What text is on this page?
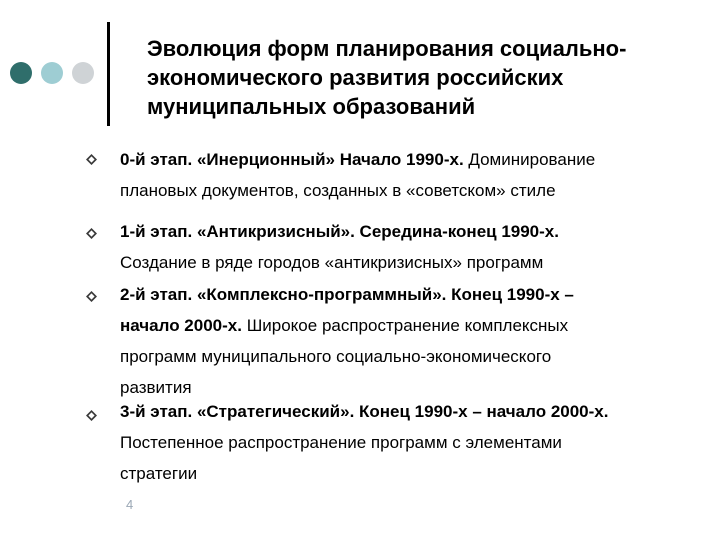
Эволюция форм планирования социально-
экономического развития российских
муниципальных образований

0-й этап. «Инерционный» Начало 1990-х. Доминирование
плановых документов, созданных в «советском» стиле

1-й этап. «Антикризисный». Середина-конец 1990-х.
Создание в ряде городов «антикризисных» программ

2-й этап. «Комплексно-программный». Конец 1990-х –
начало 2000-х. Широкое распространение комплексных
программ муниципального социально-экономического
развития

3-й этап. «Стратегический». Конец 1990-х – начало 2000-х.
Постепенное распространение программ с элементами
стратегии

4
